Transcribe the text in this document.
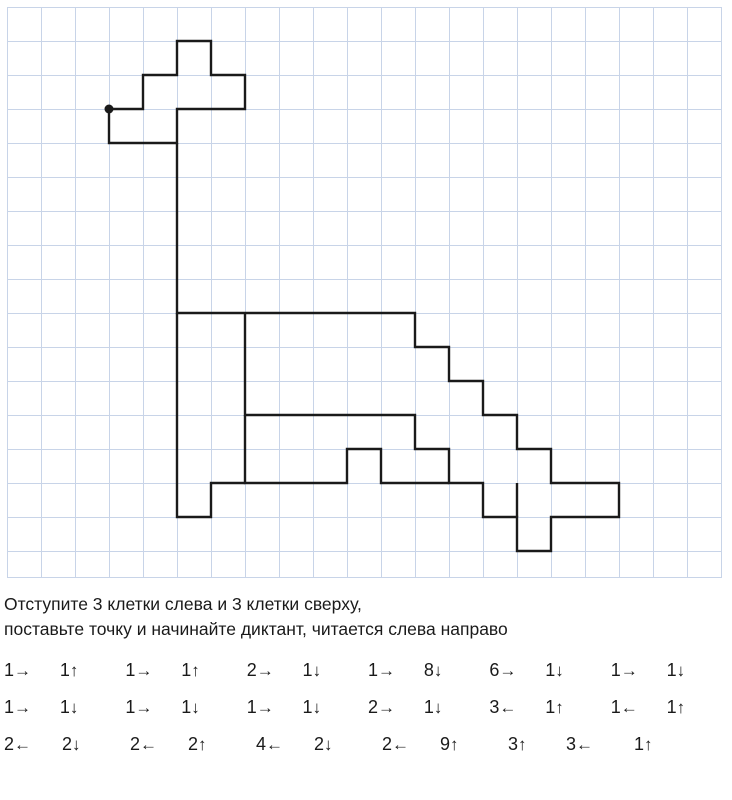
Отступите 3 клетки слева и 3 клетки сверху,
поставьте точку и начинайте диктант, читается слева направо
1→	1↑	1→	1↑	2→	1↓	1→	8↓	6→	1↓	1→	1↓
1→	1↓	1→	1↓	1→	1↓	2→	1↓	3←	1↑	1←	1↑
2←	2↓	2←	2↑	4←	2↓	2←	9↑	3↑	3←	1↑
